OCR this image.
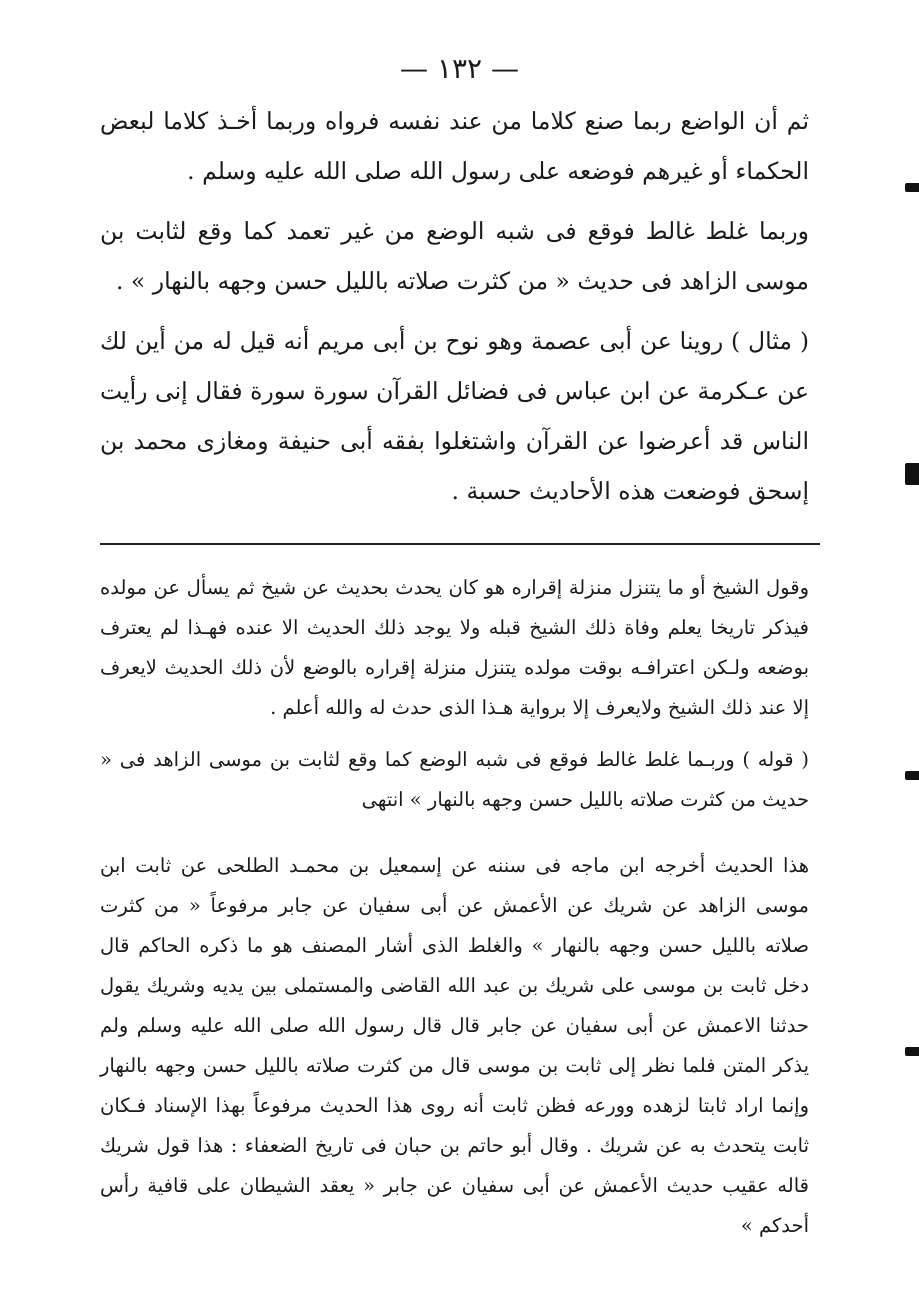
— ١٣٢ —

ثم أن الواضع ربما صنع كلاما من عند نفسه فرواه وربما أخـذ كلاما لبعض الحكماء أو غيرهم فوضعه على رسول الله صلى الله عليه وسلم .

وربما غلط غالط فوقع فى شبه الوضع من غير تعمد كما وقع لثابت بن موسى الزاهد فى حديث « من كثرت صلاته بالليل حسن وجهه بالنهار » .

( مثال ) روينا عن أبى عصمة وهو نوح بن أبى مريم أنه قيل له من أين لك عن عـكرمة عن ابن عباس فى فضائل القرآن سورة سورة فقال إنى رأيت الناس قد أعرضوا عن القرآن واشتغلوا بفقه أبى حنيفة ومغازى محمد بن إسحق فوضعت هذه الأحاديث حسبة .

وقول الشيخ أو ما يتنزل منزلة إقراره هو كان يحدث بحديث عن شيخ ثم يسأل عن مولده فيذكر تاريخا يعلم وفاة ذلك الشيخ قبله ولا يوجد ذلك الحديث الا عنده فهـذا لم يعترف بوضعه ولـكن اعترافـه بوقت مولده يتنزل منزلة إقراره بالوضع لأن ذلك الحديث لايعرف إلا عند ذلك الشيخ ولايعرف إلا برواية هـذا الذى حدث له والله أعلم .

( قوله ) وربـما غلط غالط فوقع فى شبه الوضع كما وقع لثابت بن موسى الزاهد فى « حديث من كثرت صلاته بالليل حسن وجهه بالنهار » انتهى

هذا الحديث أخرجه ابن ماجه فى سننه عن إسمعيل بن محمـد الطلحى عن ثابت ابن موسى الزاهد عن شريك عن الأعمش عن أبى سفيان عن جابر مرفوعاً « من كثرت صلاته بالليل حسن وجهه بالنهار » والغلط الذى أشار المصنف هو ما ذكره الحاكم قال دخل ثابت بن موسى على شريك بن عبد الله القاضى والمستملى بين يديه وشريك يقول حدثنا الاعمش عن أبى سفيان عن جابر قال قال رسول الله صلى الله عليه وسلم ولم يذكر المتن فلما نظر إلى ثابت بن موسى قال من كثرت صلاته بالليل حسن وجهه بالنهار وإنما اراد ثابتا لزهده وورعه فظن ثابت أنه روى هذا الحديث مرفوعاً بهذا الإسناد فـكان ثابت يتحدث به عن شريك . وقال أبو حاتم بن حبان فى تاريخ الضعفاء : هذا قول شريك قاله عقيب حديث الأعمش عن أبى سفيان عن جابر « يعقد الشيطان على قافية رأس أحدكم »
